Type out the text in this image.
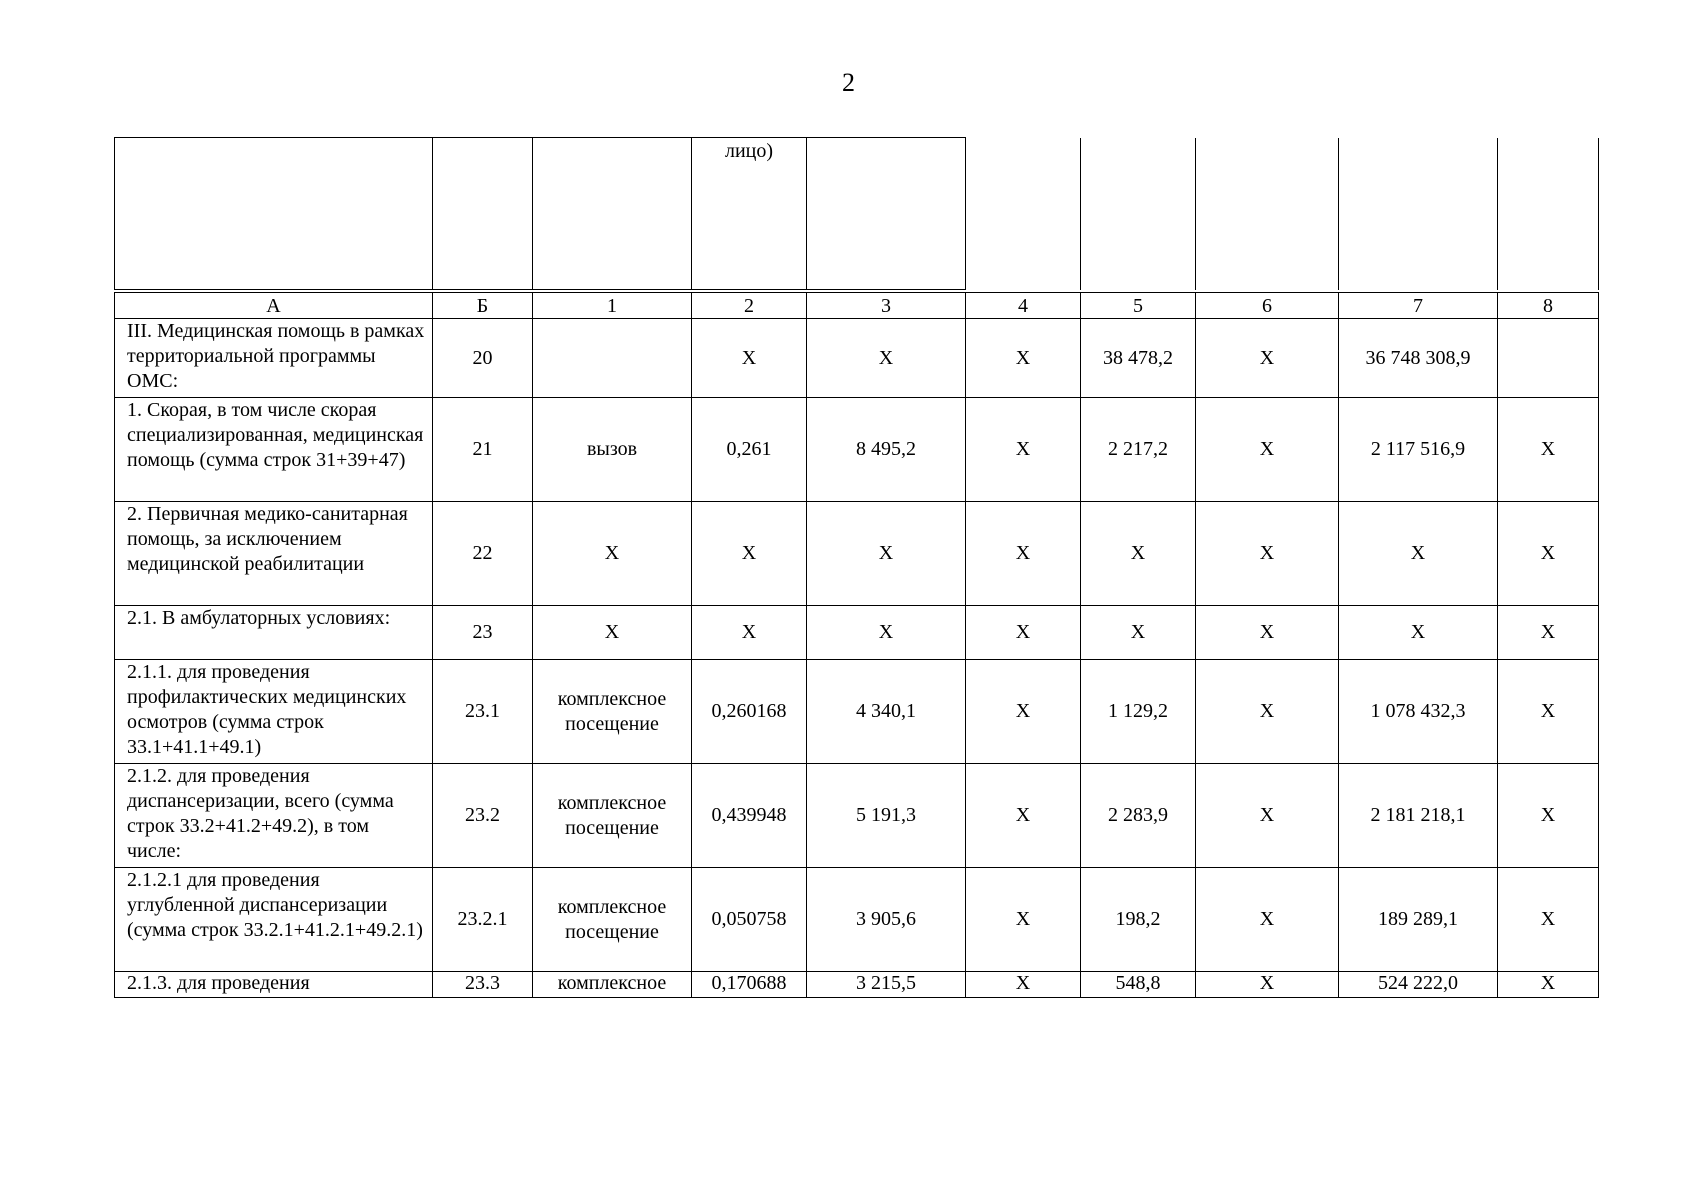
2
			лицо)						
А	Б	1	2	3	4	5	6	7	8
III. Медицинская помощь в рамках территориальной программы ОМС:	20		Х	Х	Х	38 478,2	Х	36 748 308,9	
1. Скорая, в том числе скорая специализированная, медицинская помощь (сумма строк 31+39+47)	21	вызов	0,261	8 495,2	Х	2 217,2	Х	2 117 516,9	Х
2. Первичная медико-санитарная помощь, за исключением медицинской реабилитации	22	Х	Х	Х	Х	Х	Х	Х	Х
2.1. В амбулаторных условиях:	23	Х	Х	Х	Х	Х	Х	Х	Х
2.1.1. для проведения профилактических медицинских осмотров (сумма строк 33.1+41.1+49.1)	23.1	комплексное посещение	0,260168	4 340,1	Х	1 129,2	Х	1 078 432,3	Х
2.1.2. для проведения диспансеризации, всего (сумма строк 33.2+41.2+49.2), в том числе:	23.2	комплексное посещение	0,439948	5 191,3	Х	2 283,9	Х	2 181 218,1	Х
2.1.2.1 для проведения углубленной диспансеризации (сумма строк 33.2.1+41.2.1+49.2.1)	23.2.1	комплексное посещение	0,050758	3 905,6	Х	198,2	Х	189 289,1	Х
2.1.3. для проведения	23.3	комплексное	0,170688	3 215,5	Х	548,8	Х	524 222,0	Х
